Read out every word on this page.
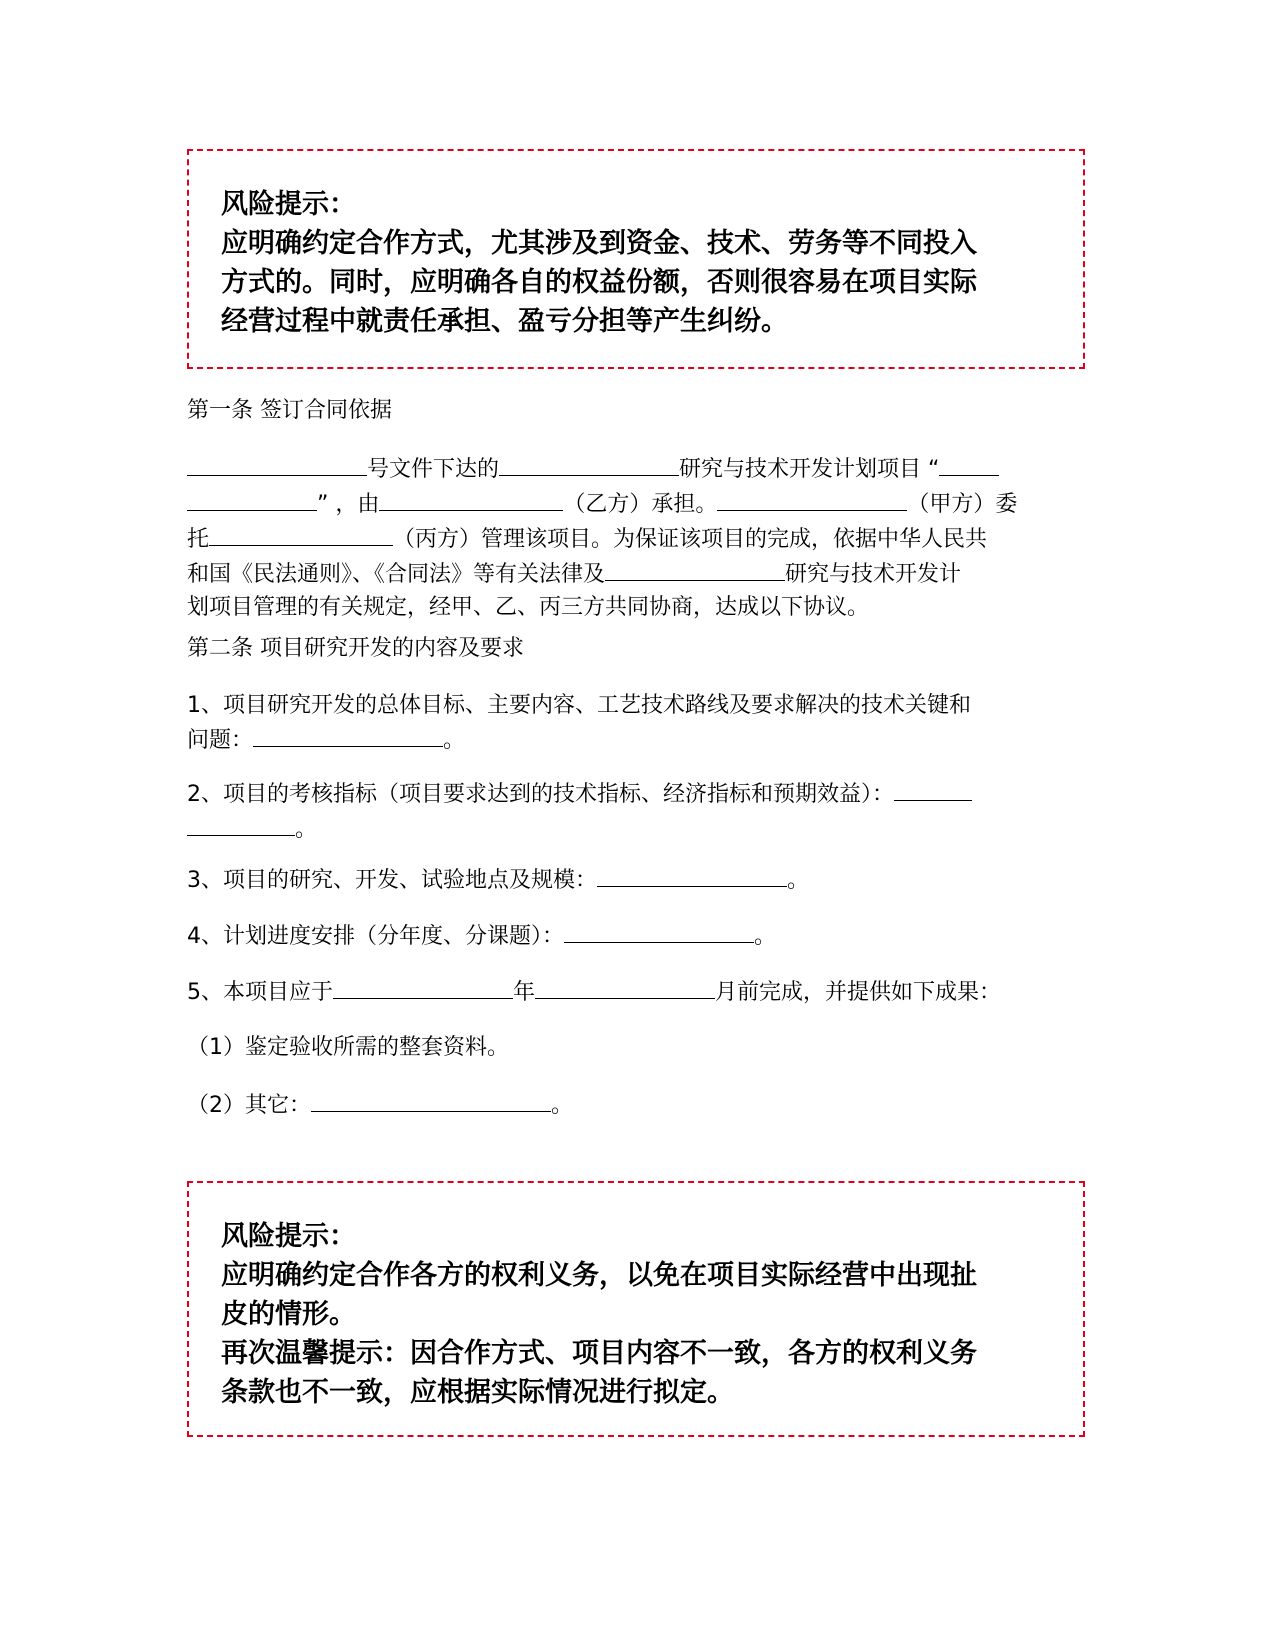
风险提示：

应明确约定合作方式，尤其涉及到资金、技术、劳务等不同投入

方式的。同时，应明确各自的权益份额，否则很容易在项目实际

经营过程中就责任承担、盈亏分担等产生纠纷。

第一条 签订合同依据

号文件下达的	研究与技术开发计划项目 “

” ，由	（乙方）承担。	（甲方）委

托	（丙方）管理该项目。为保证该项目的完成，依据中华人民共

和国《民法通则》、《合同法》等有关法律及	研究与技术开发计

划项目管理的有关规定，经甲、乙、丙三方共同协商，达成以下协议。

第二条 项目研究开发的内容及要求

1、项目研究开发的总体目标、主要内容、工艺技术路线及要求解决的技术关键和

问题：	。

2、项目的考核指标（项目要求达到的技术指标、经济指标和预期效益）：

。

3、项目的研究、开发、试验地点及规模：	。

4、计划进度安排（分年度、分课题）：	。

5、本项目应于	年	月前完成，并提供如下成果：

（1）鉴定验收所需的整套资料。

（2）其它：	。

风险提示：

应明确约定合作各方的权利义务，以免在项目实际经营中出现扯

皮的情形。

再次温馨提示：因合作方式、项目内容不一致，各方的权利义务

条款也不一致，应根据实际情况进行拟定。
